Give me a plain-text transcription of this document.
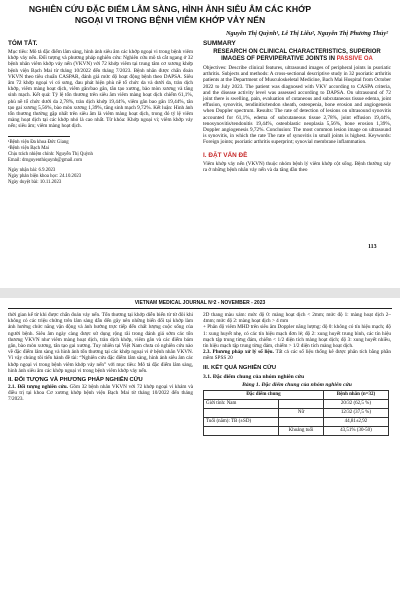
NGHIÊN CỨU ĐẶC ĐIỂM LÂM SÀNG, HÌNH ẢNH SIÊU ÂM CÁC KHỚP NGOẠI VI TRONG BỆNH VIÊM KHỚP VẢY NẾN
Nguyễn Thị Quỳnh¹, Lê Thị Liễu², Nguyễn Thị Phương Thủy²
TÓM TẮT.
Mục tiêu: Mô tả đặc điểm lâm sàng, hình ảnh siêu âm các khớp ngoại vi trong bệnh viêm khớp vảy nến. Đối tượng và phương pháp nghiên cứu: Nghiên cứu mô tả cắt ngang ở 32 bệnh nhân viêm khớp vảy nến (VKVN) với 72 khớp viêm tại trung tâm cơ xương khớp bệnh viện Bạch Mai từ tháng 10/2022 đến tháng 7/2023. Bệnh nhân được chẩn đoán VKVN theo tiêu chuẩn CASPAR, đánh giá mức độ hoạt động bệnh theo DAPSA. Siêu âm 72 khớp ngoại vi có sưng, đau phát hiện phù nề tổ chức da và dưới da, tràn dịch khớp, viêm màng hoạt dịch, viêm gân/bao gân, tăn tạo xương, bào mòn xương và tăng sinh mạch. Kết quả: Tỷ lệ tổn thương trên siêu âm viêm màng hoạt dịch chiếm 61,1%, phù nề tổ chức dưới da 2,78%, tràn dịch khớp 19,44%, viêm gân bao gân 19,44%, tân tạo gai xương 5,56%, bào mòn xương 1,39%, tăng sinh mạch 9,72%. Kết luận: Hình ảnh tổn thương thường gặp nhất trên siêu âm là viêm màng hoạt dịch, trong đó tỷ lệ viêm màng hoạt dịch tại các khớp nhỏ là cao nhất. Từ khóa: Khớp ngoại vi; viêm khớp vảy nến; siêu âm; viêm màng hoạt dịch.
¹Bệnh viện Đa khoa Đức Giang
²Bệnh viện Bạch Mai
Chịu trách nhiệm chính: Nguyễn Thị Quỳnh
Email: drnguyenthiquynh@gmail.com
Ngày nhận bài: 6.9.2023
Ngày phản biện khoa học: 24.10.2023
Ngày duyệt bài: 10.11.2023
SUMMARY
RESEARCH ON CLINICAL CHARACTERISTICS, SUPERIOR IMAGES OF PERVIPERATIVE JOINTS IN PASSIVE OA
Objectives: Describe clinical features, ultrasound images of peripheral joints in psoriatic arthritis. Subjects and methods: A cross-sectional descriptive study in 32 psoriatic arthritis patients at the Department of Musculoskeletal Medicine, Bach Mai Hospital from October 2022 to July 2023. The patient was diagnosed with VKV according to CASPA criteria, and the disease activity level was assessed according to DAPSA. On ultrasound of 72 joint there is swelling, pain, evaluation of cutaneous and subcutaneous tissue edema, joint effusion, synovitis, tendinitis/tendon sheath, osteopenia, bone erosion and angiogenesis when Doppler spectrum. Results: The rate of detection of lesions on ultrasound synovitis accounted for 61,1%, edema of subcutaneous tissue 2,78%, joint effusion 19,44%, tenosynovitis/tendonitis 19,44%, osteoblastic neoplasia 5,56%, bone erosion 1,39%, Doppler angiogenesis 9,72%. Conclusion: The most common lesion image on ultrasound is synovitis, in which the rate The rate of synovitis in small joints is highest. Keywords: Foreign joints; psoriatic arthritis superprint; synovial membrane inflammation.
I. ĐẶT VẤN ĐỀ
Viêm khớp vảy nến (VKVN) thuộc nhóm bệnh lý viêm khớp cột sống. Bệnh thường xảy ra ở những bệnh nhân vảy nến và da tăng dần theo
113
VIETNAM MEDICAL JOURNAL Nº2 - NOVEMBER - 2023
thời gian kể từ khi được chẩn đoán vảy nến. Tổn thương tại khớp diễn biến từ từ đôi khi không có các triệu chứng trên lâm sàng dẫn đến gây nên những biến đổi tại khớp làm ảnh hưởng chức năng vận động và ảnh hưởng trực tiếp đến chất lượng cuộc sống của người bệnh. Siêu âm ngày càng được sử dụng rộng rãi trong đánh giá sớm các tổn thương VKVN như viêm màng hoạt dịch, tràn dịch khớp, viêm gân và các điểm bám gân, bào mòn xương, tân tạo gai xương. Tuy nhiên tại Việt Nam chưa có nghiên cứu nào về đặc điểm lâm sàng và hình ảnh tổn thương tại các khớp ngoại vi ở bệnh nhân VKVN. Vì vậy chúng tôi tiến hành đề tài: “Nghiên cứu đặc điểm lâm sàng, hình ảnh siêu âm các khớp ngoại vi trong bệnh viêm khớp vảy nến” với mục tiêu: Mô tả đặc điểm lâm sàng, hình ảnh siêu âm các khớp ngoại vi trong bệnh viêm khớp vảy nến.
II. ĐỐI TƯỢNG VÀ PHƯƠNG PHÁP NGHIÊN CỨU
2.1. Đối tượng nghiên cứu. Gồm 32 bệnh nhân VKVN với 72 khớp ngoại vi khám và điều trị tại khoa Cơ xương khớp bệnh viện Bạch Mai từ tháng 10/2022 đến tháng 7/2023.
2D thang màu xám: mức độ 0: màng hoạt dịch < 2mm; mức độ 1: màng hoạt dịch 2– 4mm; mức độ 2: màng hoạt dịch > 4 mm
+ Phân độ viêm MHD trên siêu âm Doppler năng lượng: độ 0: không có tín hiệu mạch; độ 1: xung huyết nhẹ, có các tín hiệu mạch đơn lẻ; độ 2: xung huyết trung bình, các tín hiệu mạch tập trung từng đám, chiếm < 1/2 diện tích màng hoạt dịch; độ 3: xung huyết nhiều, tín hiệu mạch tập trung từng đám, chiếm > 1/2 diện tích màng hoạt dịch.
2.3. Phương pháp xử lý số liệu. Tất cả các số liệu thống kê được phân tích bằng phần mềm SPSS 20
III. KẾT QUẢ NGHIÊN CỨU
3.1. Đặc điểm chung của nhóm nghiên cứu
Bảng 1. Đặc điểm chung của nhóm nghiên cứu
Đặc điểm chung		Bệnh nhân (n=32)
Giới tính: Nam		20/32 (62,5 %)
	Nữ	12/32 (37,5 %)
Tuổi (năm): TB (±SD)		44,81±2,92
	Khoảng tuổi	43,51% (30-50)
